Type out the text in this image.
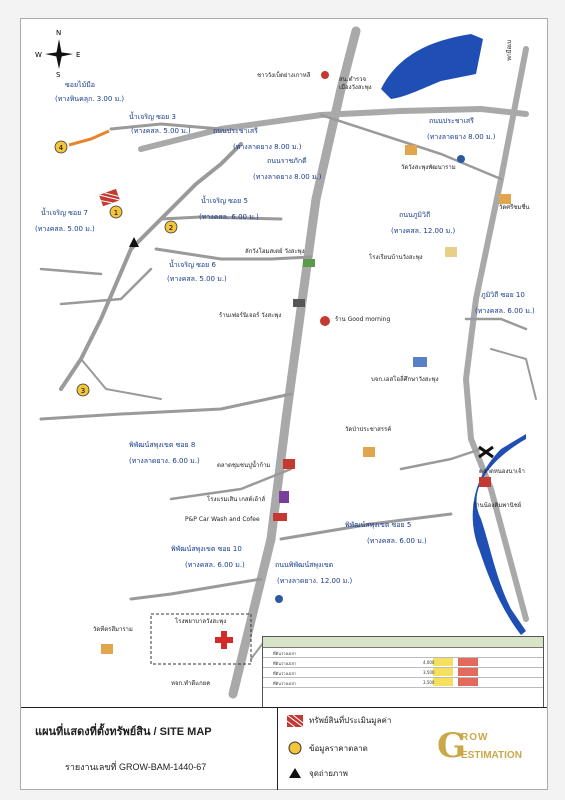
1
2
3
4
N
S
E
W
ซอยไม้มือ
(ทางหินคลุก. 3.00 ม.)
น้ำเจริญ ซอย 3
(ทางคสล. 5.00 ม.)	ถนนประชาเสรี
(ทางลาดยาง 8.00 ม.)
ถนนราชภักดี
(ทางลาดยาง 8.00 ม.)
ถนนประชาเสรี
(ทางลาดยาง 8.00 ม.)
น้ำเจริญ ซอย 7
(ทางคสล. 5.00 ม.)
น้ำเจริญ ซอย 5
(ทางคสล. 6.00 ม.)
น้ำเจริญ ซอย 6
(ทางคสล. 5.00 ม.)
ถนนภูมิวิถี
(ทางคสล. 12.00 ม.)
ภูมิวิถี ซอย 10
(ทางคสล. 6.00 ม.)
พิพัฒน์สพุงเขต ซอย 8
(ทางลาดยาง. 6.00 ม.)
พิพัฒน์สพุงเขต ซอย 5
(ทางคสล. 6.00 ม.)
พิพัฒน์สพุงเขต ซอย 10
(ทางคสล. 6.00 ม.)	ถนนพิพัฒน์สพุงเขต
(ทางลาดยาง. 12.00 ม.)
ชาววังเบ็ดย่างเกาหลี
สน.ตำรวจ
เมืองวังสะพุง
วัดวังสะพุงพัฒนาราม
วัดศรีชมชื่น
โรงเรียนบ้านวังสะพุง
ลักวังโฮมสเตย์ วังสะพุง
ร้านเฟอร์นิเจอร์ วังสะพุง
ร้าน Good morning
บจก.เอสโอลี่ศึกษาวังสะพุง
วัดป่าประชาสรรค์
ตลาดชุมชนปูน้ำก้าม
โรงแรมเสิน เกสต์เฮ้าส์
P&P Car Wash and Cofee
โรงพยาบาลวังสะพุง
วัดทีตรสีมาราม
ตลาดหนองนาเจ้า
ร้านน้องคิมพานิชย์
หจก.ทำดีแกยค
หกมีอเม
ที่ดินว่างเปล่า
ที่ดินว่างเปล่า	4,000
ที่ดินว่างเปล่า	3,500
ที่ดินว่างเปล่า	3,500
แผนที่แสดงที่ตั้งทรัพย์สิน / SITE MAP
รายงานเลขที่ GROW-BAM-1440-67
ทรัพย์สินที่ประเมินมูลค่า
ข้อมูลราคาตลาด
จุดถ่ายภาพ
G
ROW
ESTIMATION
